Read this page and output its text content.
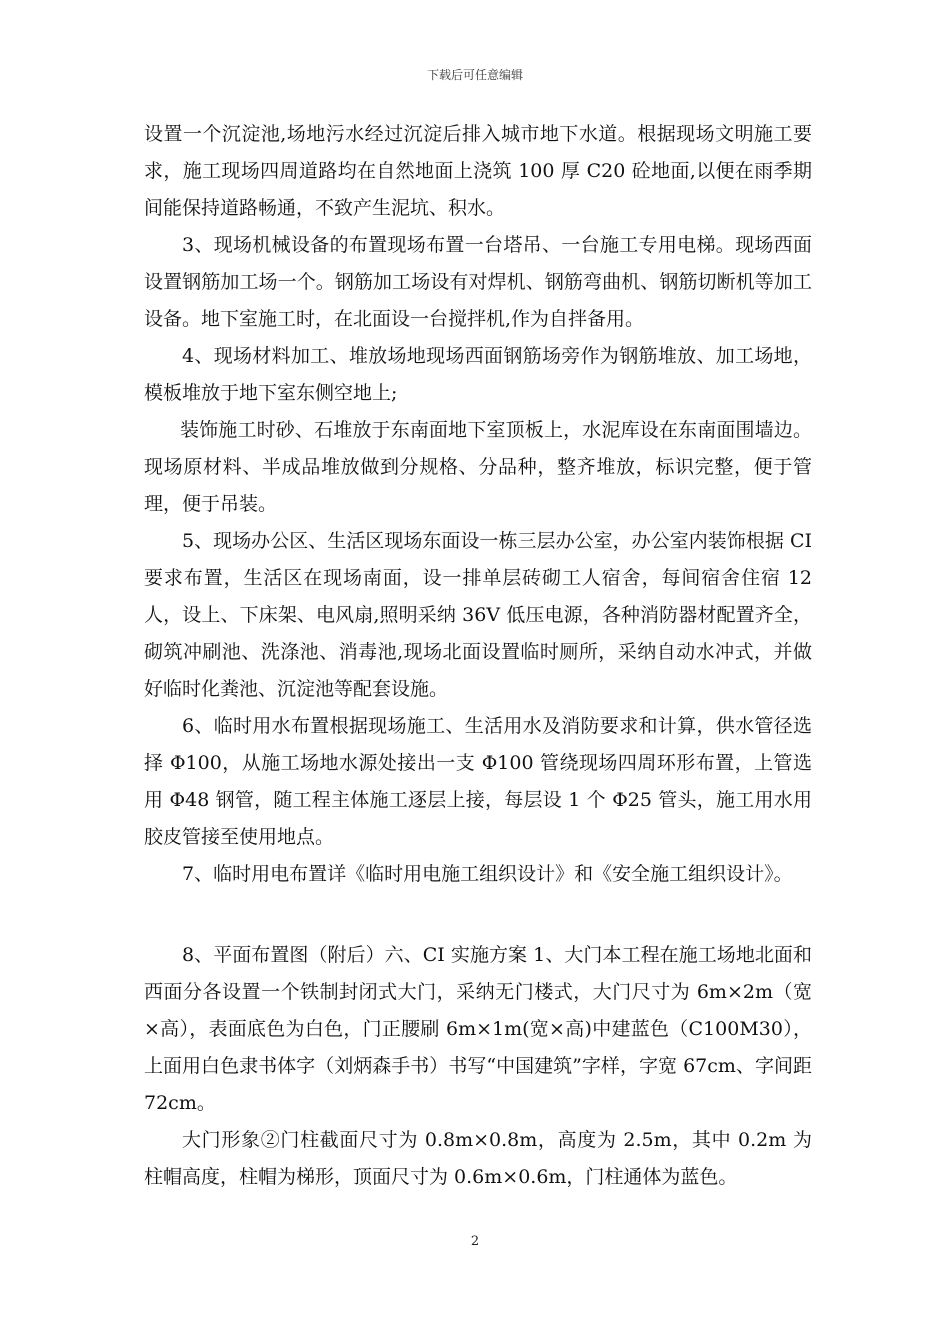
下载后可任意编辑

设置一个沉淀池,场地污水经过沉淀后排入城市地下水道。根据现场文明施工要求，施工现场四周道路均在自然地面上浇筑 100 厚 C20 砼地面,以便在雨季期间能保持道路畅通，不致产生泥坑、积水。

3、现场机械设备的布置现场布置一台塔吊、一台施工专用电梯。现场西面设置钢筋加工场一个。钢筋加工场设有对焊机、钢筋弯曲机、钢筋切断机等加工设备。地下室施工时，在北面设一台搅拌机,作为自拌备用。

4、现场材料加工、堆放场地现场西面钢筋场旁作为钢筋堆放、加工场地，模板堆放于地下室东侧空地上;

装饰施工时砂、石堆放于东南面地下室顶板上，水泥库设在东南面围墙边。现场原材料、半成品堆放做到分规格、分品种，整齐堆放，标识完整，便于管理，便于吊装。

5、现场办公区、生活区现场东面设一栋三层办公室，办公室内装饰根据 CI 要求布置，生活区在现场南面，设一排单层砖砌工人宿舍，每间宿舍住宿 12 人，设上、下床架、电风扇,照明采纳 36V 低压电源，各种消防器材配置齐全，砌筑冲刷池、洗涤池、消毒池,现场北面设置临时厕所，采纳自动水冲式，并做好临时化粪池、沉淀池等配套设施。

6、临时用水布置根据现场施工、生活用水及消防要求和计算，供水管径选择 Φ100，从施工场地水源处接出一支 Φ100 管绕现场四周环形布置，上管选用 Φ48 钢管，随工程主体施工逐层上接，每层设 1 个 Φ25 管头，施工用水用胶皮管接至使用地点。

7、临时用电布置详《临时用电施工组织设计》和《安全施工组织设计》。

8、平面布置图（附后）六、CI 实施方案 1、大门本工程在施工场地北面和西面分各设置一个铁制封闭式大门，采纳无门楼式，大门尺寸为 6m×2m（宽×高），表面底色为白色，门正腰刷 6m×1m(宽×高)中建蓝色（C100M30），上面用白色隶书体字（刘炳森手书）书写“中国建筑”字样，字宽 67cm、字间距 72cm。

大门形象②门柱截面尺寸为 0.8m×0.8m，高度为 2.5m，其中 0.2m 为柱帽高度，柱帽为梯形，顶面尺寸为 0.6m×0.6m，门柱通体为蓝色。

2
